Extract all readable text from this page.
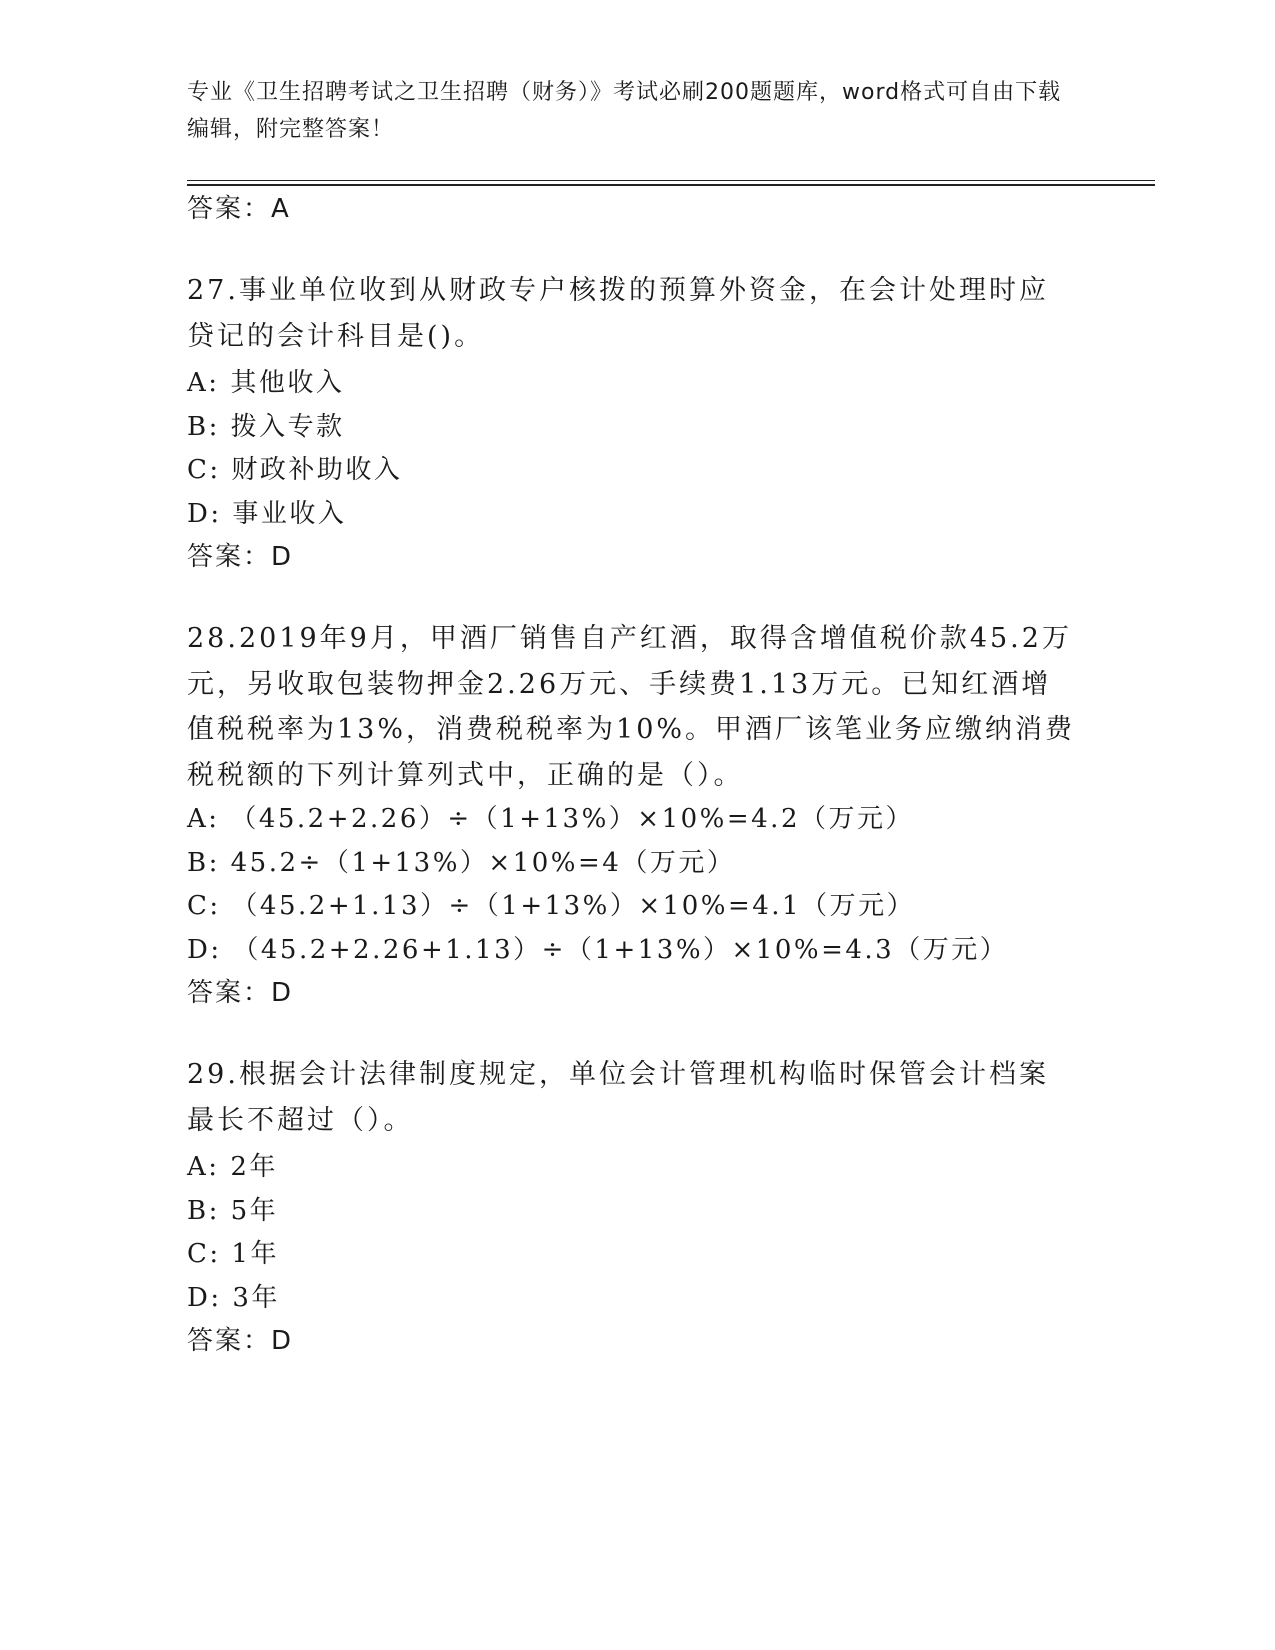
专业《卫生招聘考试之卫生招聘（财务）》考试必刷200题题库，word格式可自由下载编辑，附完整答案！
答案：A
27.事业单位收到从财政专户核拨的预算外资金，在会计处理时应贷记的会计科目是()。
A: 其他收入
B: 拨入专款
C: 财政补助收入
D: 事业收入
答案：D
28.2019年9月，甲酒厂销售自产红酒，取得含增值税价款45.2万元，另收取包装物押金2.26万元、手续费1.13万元。已知红酒增值税税率为13%，消费税税率为10%。甲酒厂该笔业务应缴纳消费税税额的下列计算列式中，正确的是（）。
A: （45.2+2.26）÷（1+13%）×10%=4.2（万元）
B: 45.2÷（1+13%）×10%=4（万元）
C: （45.2+1.13）÷（1+13%）×10%=4.1（万元）
D: （45.2+2.26+1.13）÷（1+13%）×10%=4.3（万元）
答案：D
29.根据会计法律制度规定，单位会计管理机构临时保管会计档案最长不超过（）。
A: 2年
B: 5年
C: 1年
D: 3年
答案：D
